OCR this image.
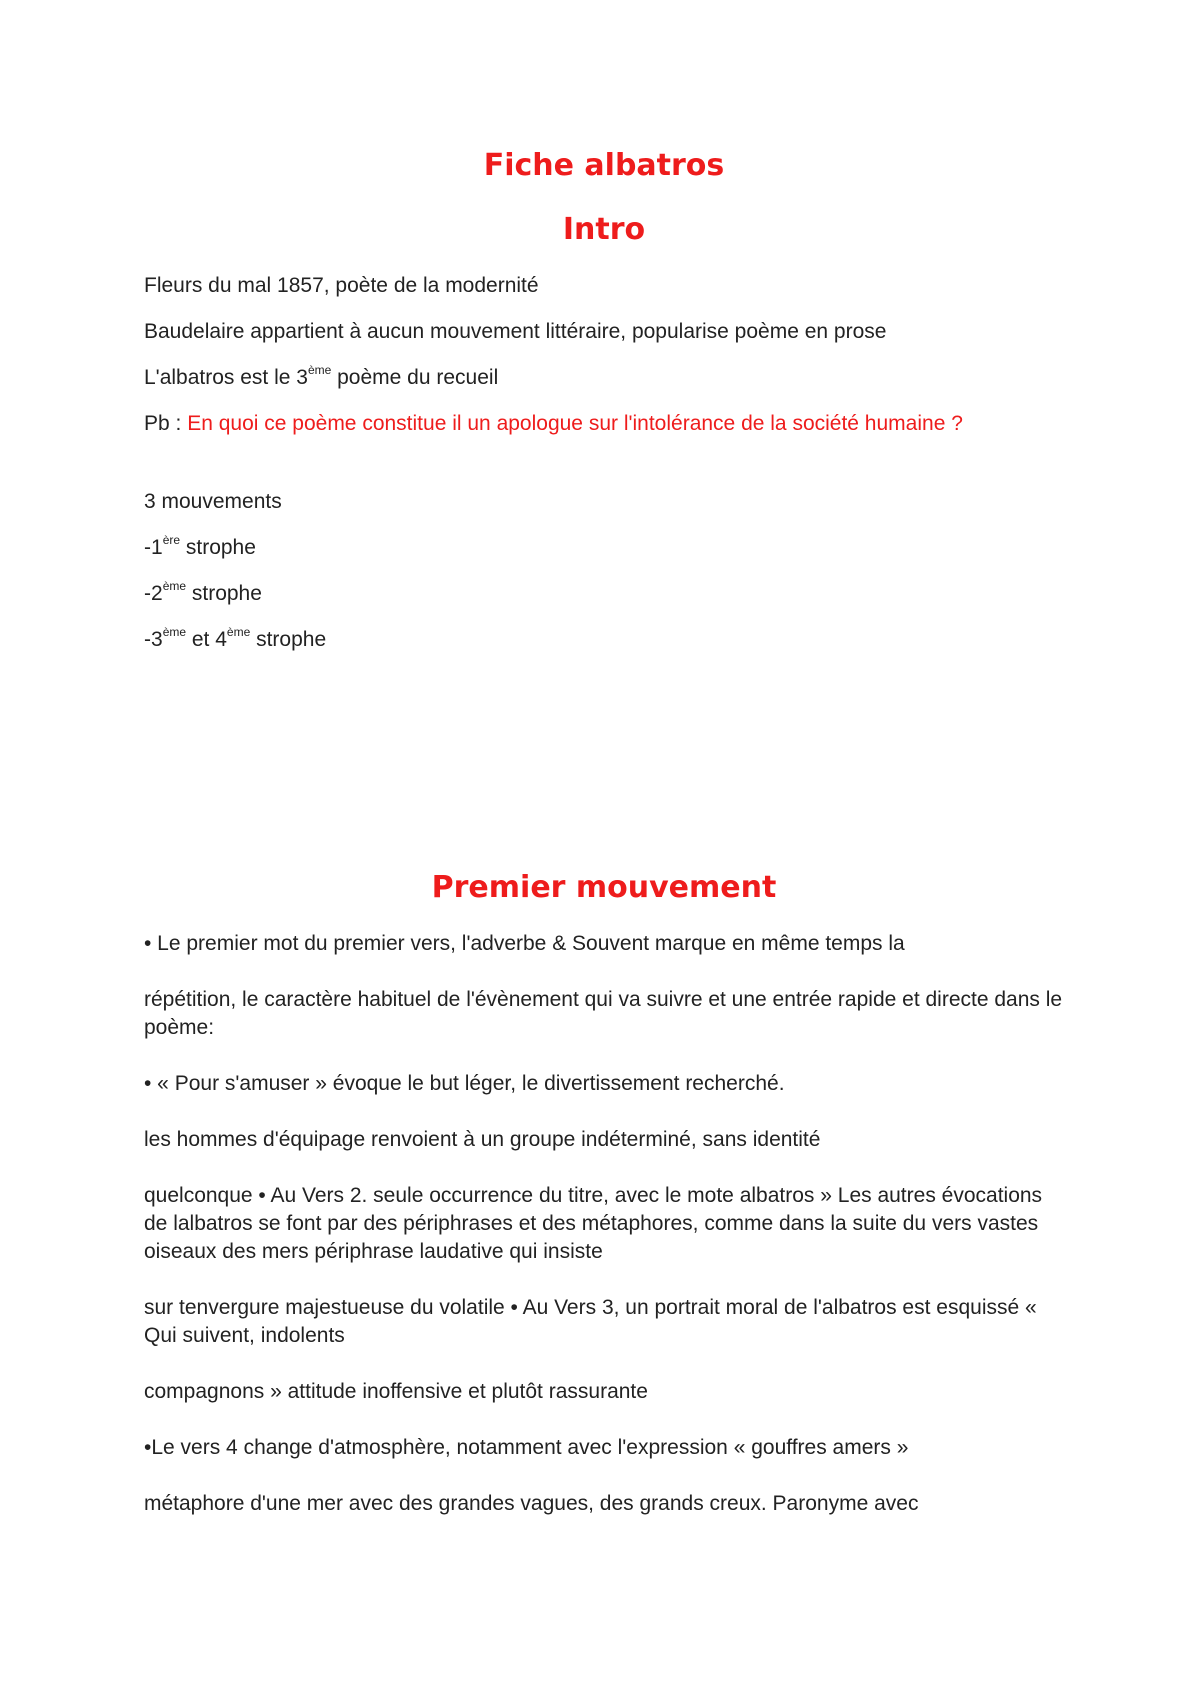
Fiche albatros
Intro

Fleurs du mal 1857, poète de la modernité

Baudelaire appartient à aucun mouvement littéraire, popularise poème en prose

L'albatros est le 3ème poème du recueil

Pb : En quoi ce poème constitue il un apologue sur l'intolérance de la société humaine ?

3 mouvements

-1ère strophe

-2ème strophe

-3ème et 4ème strophe

Premier mouvement

• Le premier mot du premier vers, l'adverbe & Souvent marque en même temps la

répétition, le caractère habituel de l'évènement qui va suivre et une entrée rapide et directe dans le poème:

• « Pour s'amuser » évoque le but léger, le divertissement recherché.

les hommes d'équipage renvoient à un groupe indéterminé, sans identité

quelconque • Au Vers 2. seule occurrence du titre, avec le mote albatros » Les autres évocations de lalbatros se font par des périphrases et des métaphores, comme dans la suite du vers vastes oiseaux des mers périphrase laudative qui insiste

sur tenvergure majestueuse du volatile • Au Vers 3, un portrait moral de l'albatros est esquissé « Qui suivent, indolents

compagnons » attitude inoffensive et plutôt rassurante

•Le vers 4 change d'atmosphère, notamment avec l'expression « gouffres amers »

métaphore d'une mer avec des grandes vagues, des grands creux. Paronyme avec
